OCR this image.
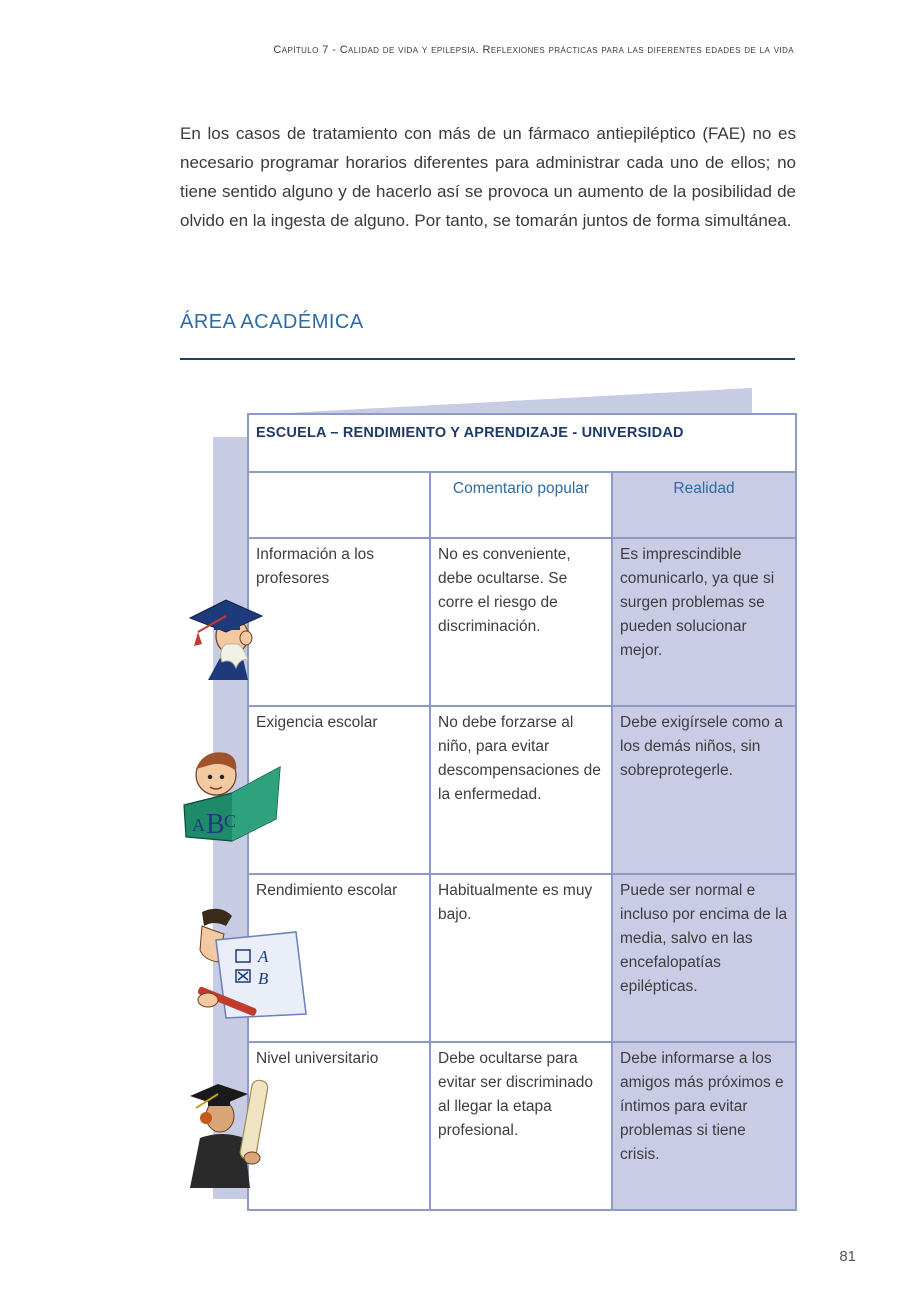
Capítulo 7 - Calidad de vida y epilepsia. Reflexiones prácticas para las diferentes edades de la vida

En los casos de tratamiento con más de un fármaco antiepiléptico (FAE) no es necesario programar horarios diferentes para administrar cada uno de ellos; no tiene sentido alguno y de hacerlo así se provoca un aumento de la posibilidad de olvido en la ingesta de alguno. Por tanto, se tomarán juntos de forma simultánea.

ÁREA ACADÉMICA
ESCUELA – RENDIMIENTO Y APRENDIZAJE - UNIVERSIDAD		
	Comentario popular	Realidad
Información a los profesores	No es conveniente, debe ocultarse. Se corre el riesgo de discriminación.	Es imprescindible comunicarlo, ya que si surgen problemas se pueden solucionar mejor.
Exigencia escolar	No debe forzarse al niño, para evitar descompensaciones de la enfermedad.	Debe exigírsele como a los demás niños, sin sobreprotegerle.
Rendimiento escolar	Habitualmente es muy bajo.	Puede ser normal e incluso por encima de la media, salvo en las encefalopatías epilépticas.
Nivel universitario	Debe ocultarse para evitar ser discriminado al llegar la etapa profesional.	Debe informarse a los amigos más próximos e íntimos para evitar problemas si tiene crisis.
A B C
A
B
81
